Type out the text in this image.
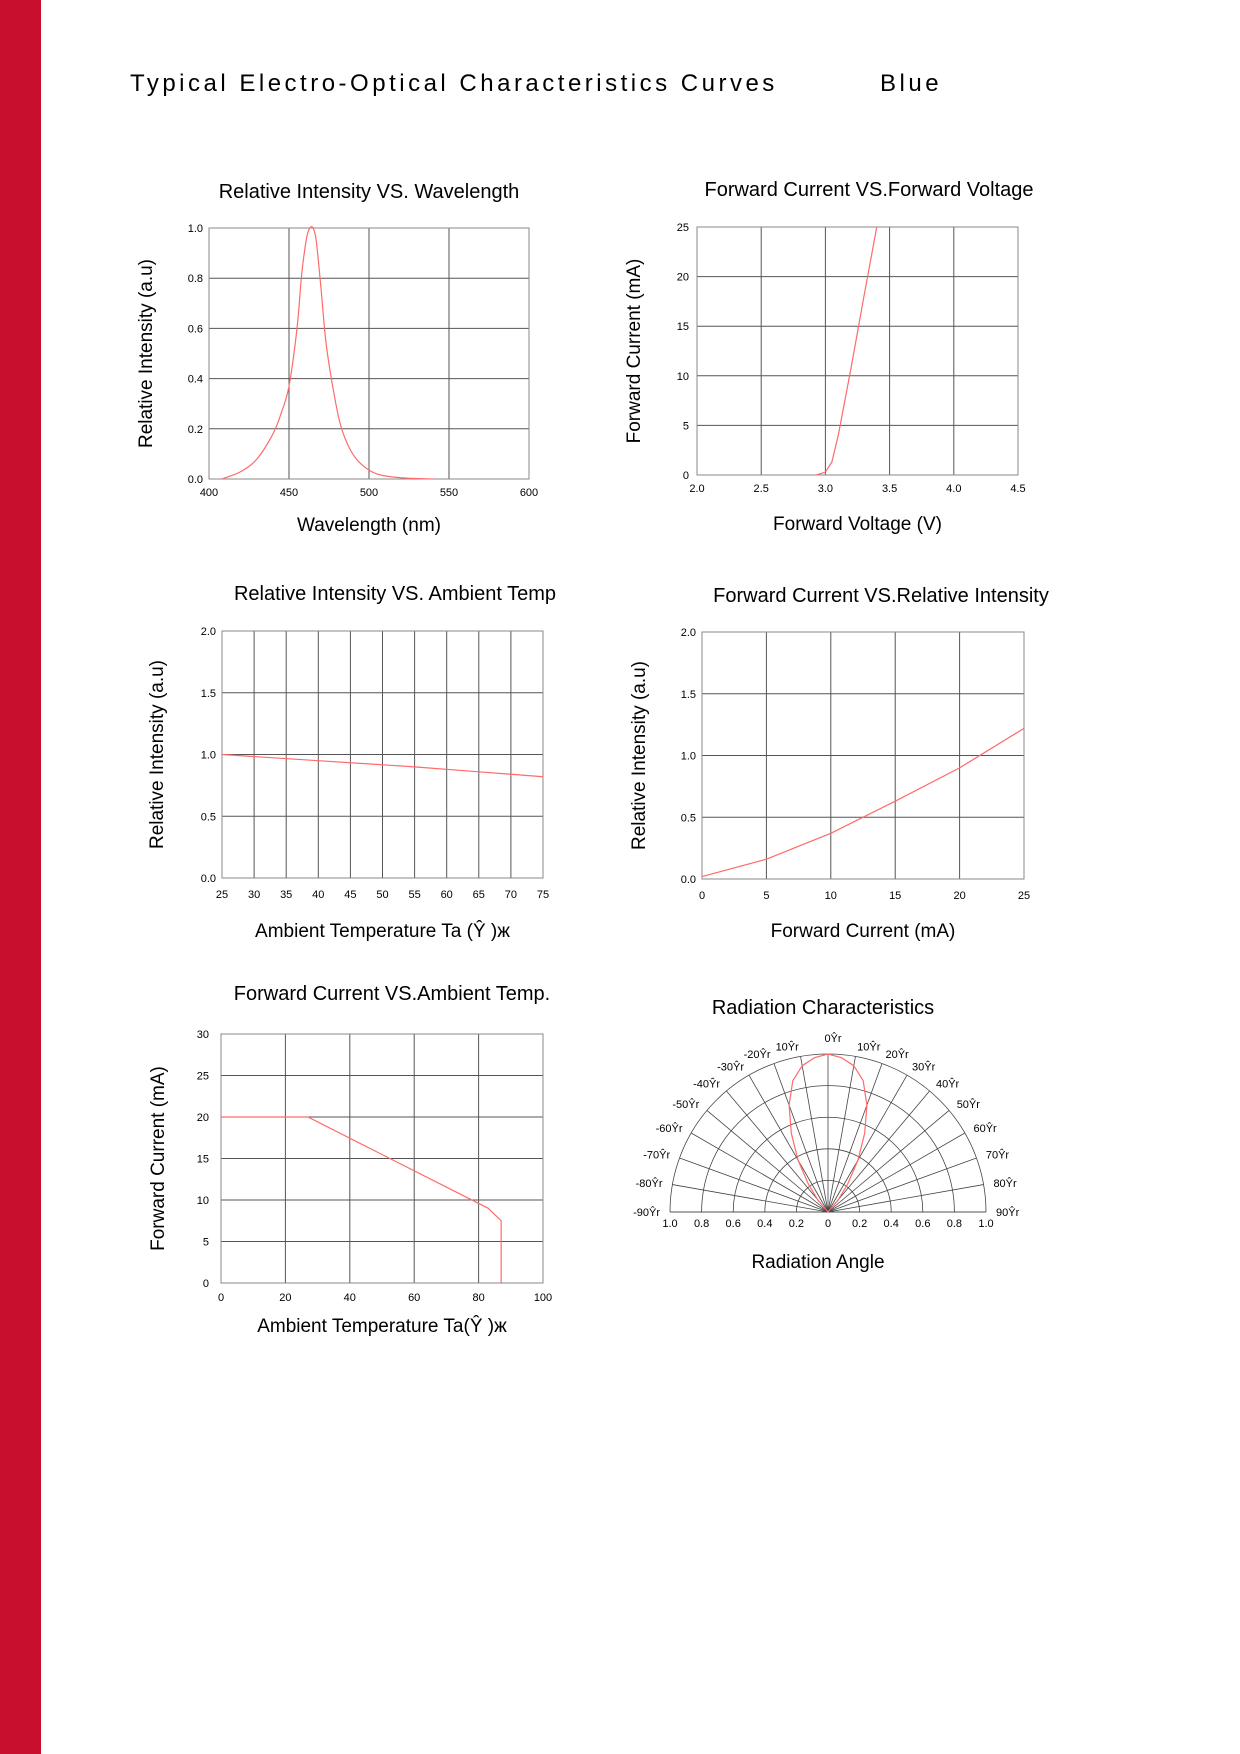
Typical Electro-Optical Characteristics Curves	Blue
Relative Intensity VS. Wavelength
400	450	500	550	600
0.0
0.2
0.4
0.6
0.8
1.0
Wavelength (nm)
Relative Intensity (a.u)
Forward Current VS.Forward Voltage
2.0	2.5	3.0	3.5	4.0	4.5
0
5
10
15
20
25
Forward Voltage (V)
Forward Current (mA)
Relative Intensity VS. Ambient Temp
25 30 35 40 45 50 55 60 65 70 75
0.0
0.5
1.0
1.5
2.0
Ambient Temperature Ta (Ŷ )ж
Relative Intensity (a.u)
Forward Current VS.Relative Intensity
0	5	10	15	20	25
0.0
0.5
1.0
1.5
2.0
Forward Current (mA)
Relative Intensity (a.u)
Forward Current VS.Ambient Temp.
0	20	40	60	80	100
0
5
10
15
20
25
30
Ambient Temperature Ta(Ŷ )ж
Forward Current (mA)
Radiation Characteristics
-90Ŷr
-80Ŷr
-70Ŷr
-60Ŷr
-50Ŷr
-40Ŷr
-30Ŷr
-20Ŷr
10Ŷr	10Ŷr
20Ŷr
30Ŷr
40Ŷr
50Ŷr
60Ŷr
70Ŷr
80Ŷr
90Ŷr
0Ŷr
1.0 0.8 0.6 0.4 0.2 0 0.2 0.4 0.6 0.8 1.0
Radiation Angle
